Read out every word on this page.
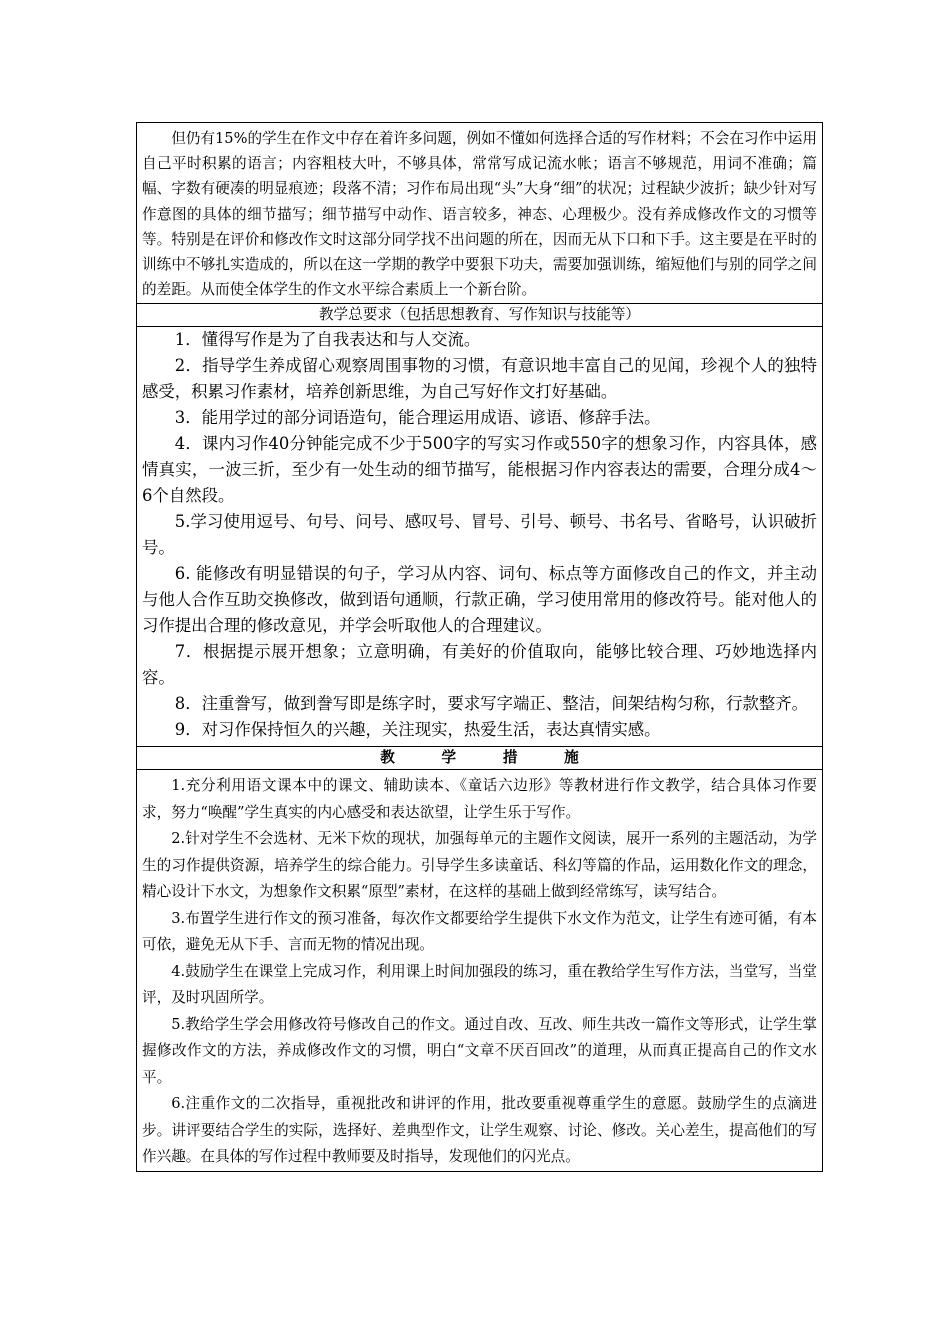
但仍有15%的学生在作文中存在着许多问题，例如不懂如何选择合适的写作材料；不会在习作中运用自己平时积累的语言；内容粗枝大叶，不够具体，常常写成记流水帐；语言不够规范，用词不准确；篇幅、字数有硬凑的明显痕迹；段落不清；习作布局出现“头”大身“细”的状况；过程缺少波折；缺少针对写作意图的具体的细节描写；细节描写中动作、语言较多，神态、心理极少。没有养成修改作文的习惯等等。特别是在评价和修改作文时这部分同学找不出问题的所在，因而无从下口和下手。这主要是在平时的训练中不够扎实造成的，所以在这一学期的教学中要狠下功夫，需要加强训练，缩短他们与别的同学之间的差距。从而使全体学生的作文水平综合素质上一个新台阶。

教学总要求（包括思想教育、写作知识与技能等）

1．懂得写作是为了自我表达和与人交流。

2．指导学生养成留心观察周围事物的习惯，有意识地丰富自己的见闻，珍视个人的独特感受，积累习作素材，培养创新思维，为自己写好作文打好基础。

3．能用学过的部分词语造句，能合理运用成语、谚语、修辞手法。

4．课内习作40分钟能完成不少于500字的写实习作或550字的想象习作，内容具体，感情真实，一波三折，至少有一处生动的细节描写，能根据习作内容表达的需要，合理分成4～6个自然段。

5.学习使用逗号、句号、问号、感叹号、冒号、引号、顿号、书名号、省略号，认识破折号。

6. 能修改有明显错误的句子，学习从内容、词句、标点等方面修改自己的作文，并主动与他人合作互助交换修改，做到语句通顺，行款正确，学习使用常用的修改符号。能对他人的习作提出合理的修改意见，并学会听取他人的合理建议。

7．根据提示展开想象；立意明确，有美好的价值取向，能够比较合理、巧妙地选择内容。

8．注重誊写，做到誊写即是练字时，要求写字端正、整洁，间架结构匀称，行款整齐。

9．对习作保持恒久的兴趣，关注现实，热爱生活，表达真情实感。

教学措施

1.充分利用语文课本中的课文、辅助读本、《童话六边形》等教材进行作文教学，结合具体习作要求，努力“唤醒”学生真实的内心感受和表达欲望，让学生乐于写作。

2.针对学生不会选材、无米下炊的现状，加强每单元的主题作文阅读，展开一系列的主题活动，为学生的习作提供资源，培养学生的综合能力。引导学生多读童话、科幻等篇的作品，运用数化作文的理念，精心设计下水文，为想象作文积累“原型”素材，在这样的基础上做到经常练写，读写结合。

3.布置学生进行作文的预习准备，每次作文都要给学生提供下水文作为范文，让学生有迹可循，有本可依，避免无从下手、言而无物的情况出现。

4.鼓励学生在课堂上完成习作，利用课上时间加强段的练习，重在教给学生写作方法，当堂写，当堂评，及时巩固所学。

5.教给学生学会用修改符号修改自己的作文。通过自改、互改、师生共改一篇作文等形式，让学生掌握修改作文的方法，养成修改作文的习惯，明白“文章不厌百回改”的道理，从而真正提高自己的作文水平。

6.注重作文的二次指导，重视批改和讲评的作用，批改要重视尊重学生的意愿。鼓励学生的点滴进步。讲评要结合学生的实际，选择好、差典型作文，让学生观察、讨论、修改。关心差生，提高他们的写作兴趣。在具体的写作过程中教师要及时指导，发现他们的闪光点。
